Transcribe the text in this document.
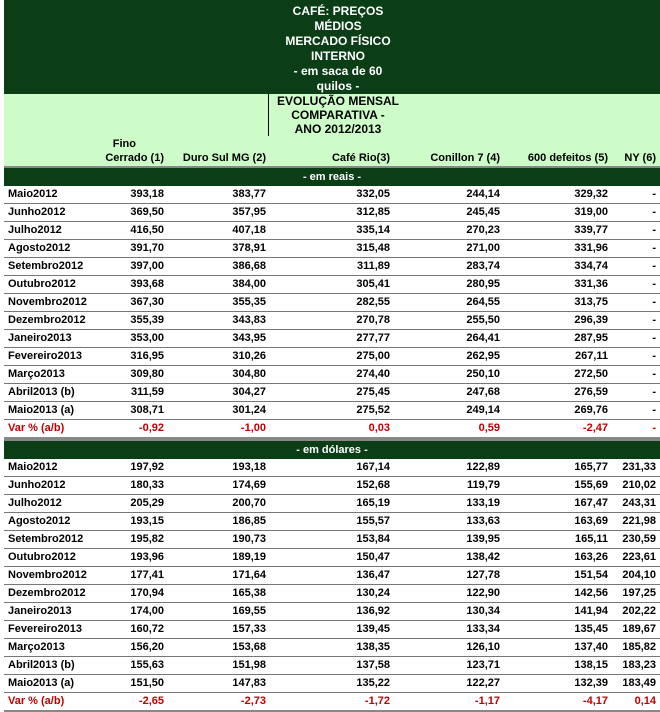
CAFÉ: PREÇOS
MÉDIOS
MERCADO FÍSICO
INTERNO
- em saca de 60
quilos -
EVOLUÇÃO MENSAL
COMPARATIVA -
ANO 2012/2013
Fino
Cerrado (1) Duro Sul MG (2)	Café Rio(3)	Conillon 7 (4)	600 defeitos (5) NY (6)
- em reais -
Maio2012	393,18	383,77	332,05	244,14	329,32	-
Junho2012	369,50	357,95	312,85	245,45	319,00	-
Julho2012	416,50	407,18	335,14	270,23	339,77	-
Agosto2012	391,70	378,91	315,48	271,00	331,96	-
Setembro2012	397,00	386,68	311,89	283,74	334,74	-
Outubro2012	393,68	384,00	305,41	280,95	331,36	-
Novembro2012	367,30	355,35	282,55	264,55	313,75	-
Dezembro2012	355,39	343,83	270,78	255,50	296,39	-
Janeiro2013	353,00	343,95	277,77	264,41	287,95	-
Fevereiro2013	316,95	310,26	275,00	262,95	267,11	-
Março2013	309,80	304,80	274,40	250,10	272,50	-
Abril2013 (b)	311,59	304,27	275,45	247,68	276,59	-
Maio2013 (a)	308,71	301,24	275,52	249,14	269,76	-
Var % (a/b)	-0,92	-1,00	0,03	0,59	-2,47	-
- em dólares -
Maio2012	197,92	193,18	167,14	122,89	165,77 231,33
Junho2012	180,33	174,69	152,68	119,79	155,69 210,02
Julho2012	205,29	200,70	165,19	133,19	167,47 243,31
Agosto2012	193,15	186,85	155,57	133,63	163,69 221,98
Setembro2012	195,82	190,73	153,84	139,95	165,11 230,59
Outubro2012	193,96	189,19	150,47	138,42	163,26 223,61
Novembro2012	177,41	171,64	136,47	127,78	151,54 204,10
Dezembro2012	170,94	165,38	130,24	122,90	142,56 197,25
Janeiro2013	174,00	169,55	136,92	130,34	141,94 202,22
Fevereiro2013	160,72	157,33	139,45	133,34	135,45 189,67
Março2013	156,20	153,68	138,35	126,10	137,40 185,82
Abril2013 (b)	155,63	151,98	137,58	123,71	138,15 183,23
Maio2013 (a)	151,50	147,83	135,22	122,27	132,39 183,49
Var % (a/b)	-2,65	-2,73	-1,72	-1,17	-4,17 0,14
